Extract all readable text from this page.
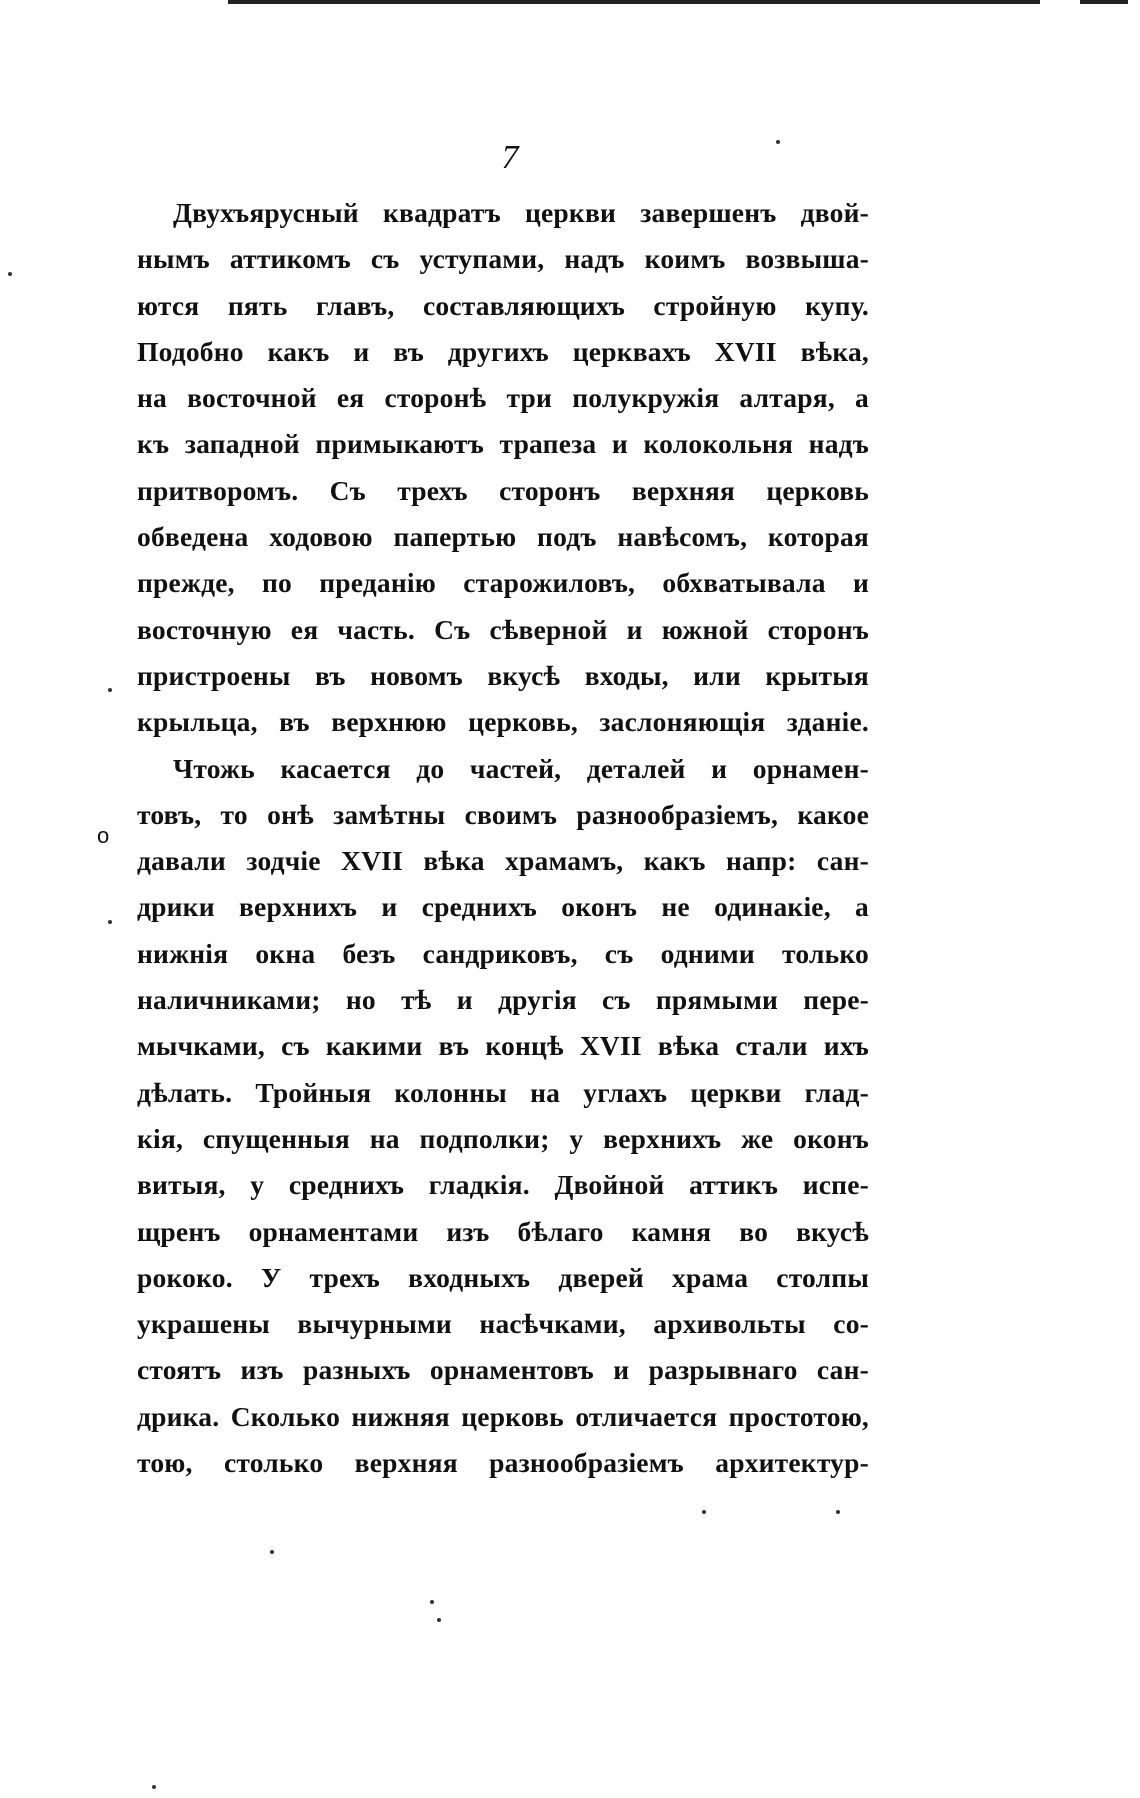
7
o
Двухъярусный квадратъ церкви завершенъ двой-
нымъ аттикомъ съ уступами, надъ коимъ возвыша-
ются пять главъ, составляющихъ стройную купу.
Подобно какъ и въ другихъ церквахъ XVII вѣка,
на восточной ея сторонѣ три полукружія алтаря, а
къ западной примыкаютъ трапеза и колокольня надъ
притворомъ. Съ трехъ сторонъ верхняя церковь
обведена ходовою папертью подъ навѣсомъ, которая
прежде, по преданію старожиловъ, обхватывала и
восточную ея часть. Съ сѣверной и южной сторонъ
пристроены въ новомъ вкусѣ входы, или крытыя
крыльца, въ верхнюю церковь, заслоняющія зданіе.
Чтожь касается до частей, деталей и орнамен-
товъ, то онѣ замѣтны своимъ разнообразіемъ, какое
давали зодчіе XVII вѣка храмамъ, какъ напр: сан-
дрики верхнихъ и среднихъ оконъ не одинакіе, а
нижнія окна безъ сандриковъ, съ одними только
наличниками; но тѣ и другія съ прямыми пере-
мычками, съ какими въ концѣ XVII вѣка стали ихъ
дѣлать. Тройныя колонны на углахъ церкви глад-
кія, спущенныя на подполки; у верхнихъ же оконъ
витыя, у среднихъ гладкія. Двойной аттикъ испе-
щренъ орнаментами изъ бѣлаго камня во вкусѣ
рококо. У трехъ входныхъ дверей храма столпы
украшены вычурными насѣчками, архивольты со-
стоятъ изъ разныхъ орнаментовъ и разрывнаго сан-
дрика. Сколько нижняя церковь отличается простотою,
тою, столько верхняя разнообразіемъ архитектур-
